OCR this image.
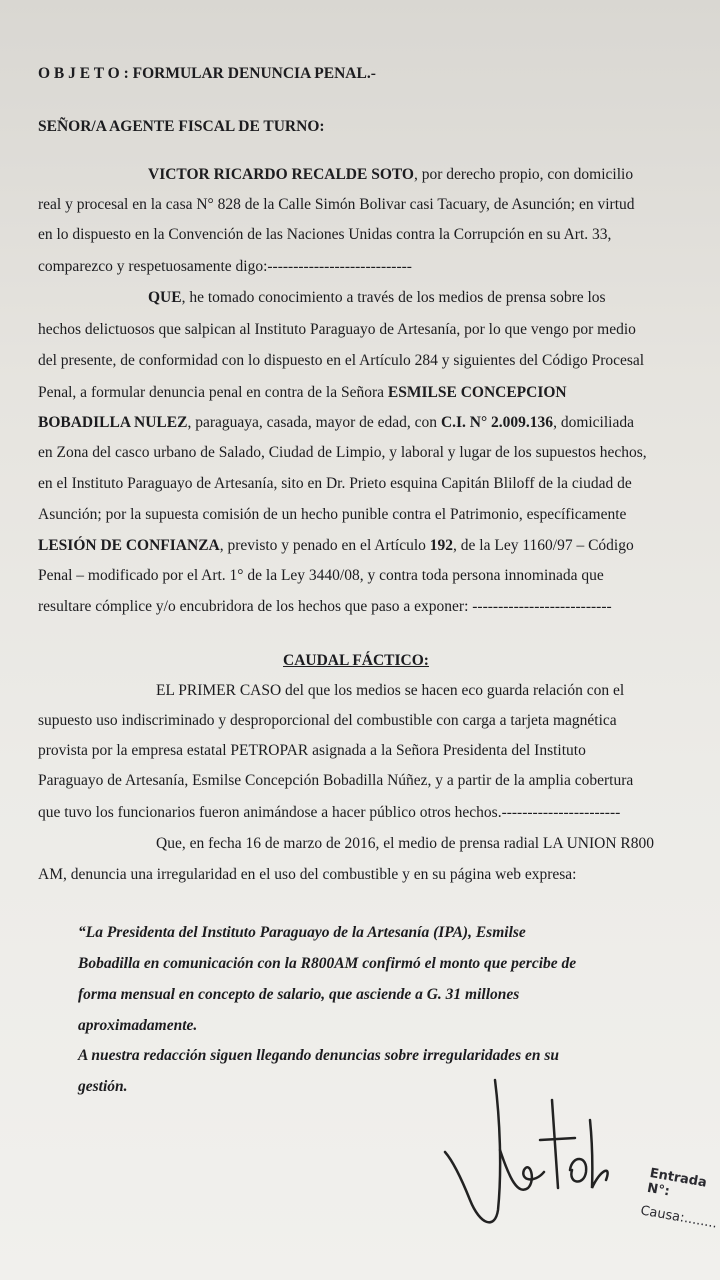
O B J E T O : FORMULAR DENUNCIA PENAL.-
SEÑOR/A AGENTE FISCAL DE TURNO:
VICTOR RICARDO RECALDE SOTO, por derecho propio, con domicilio
real y procesal en la casa N° 828 de la Calle Simón Bolivar casi Tacuary, de Asunción; en virtud
en lo dispuesto en la Convención de las Naciones Unidas contra la Corrupción en su Art. 33,
comparezco y respetuosamente digo:----------------------------
QUE, he tomado conocimiento a través de los medios de prensa sobre los
hechos delictuosos que salpican al Instituto Paraguayo de Artesanía, por lo que vengo por medio
del presente, de conformidad con lo dispuesto en el Artículo 284 y siguientes del Código Procesal
Penal, a formular denuncia penal en contra de la Señora ESMILSE CONCEPCION
BOBADILLA NULEZ, paraguaya, casada, mayor de edad, con C.I. N° 2.009.136, domiciliada
en Zona del casco urbano de Salado, Ciudad de Limpio, y laboral y lugar de los supuestos hechos,
en el Instituto Paraguayo de Artesanía, sito en Dr. Prieto esquina Capitán Bliloff de la ciudad de
Asunción; por la supuesta comisión de un hecho punible contra el Patrimonio, específicamente
LESIÓN DE CONFIANZA, previsto y penado en el Artículo 192, de la Ley 1160/97 – Código
Penal – modificado por el Art. 1° de la Ley 3440/08, y contra toda persona innominada que
resultare cómplice y/o encubridora de los hechos que paso a exponer: ---------------------------
CAUDAL FÁCTICO:
EL PRIMER CASO del que los medios se hacen eco guarda relación con el
supuesto uso indiscriminado y desproporcional del combustible con carga a tarjeta magnética
provista por la empresa estatal PETROPAR asignada a la Señora Presidenta del Instituto
Paraguayo de Artesanía, Esmilse Concepción Bobadilla Núñez, y a partir de la amplia cobertura
que tuvo los funcionarios fueron animándose a hacer público otros hechos.-----------------------
Que, en fecha 16 de marzo de 2016, el medio de prensa radial LA UNION R800
AM, denuncia una irregularidad en el uso del combustible y en su página web expresa:
“La Presidenta del Instituto Paraguayo de la Artesanía (IPA), Esmilse
Bobadilla en comunicación con la R800AM confirmó el monto que percibe de
forma mensual en concepto de salario, que asciende a G. 31 millones
aproximadamente.
A nuestra redacción siguen llegando denuncias sobre irregularidades en su
gestión.
Entrada N°:
Causa:........
